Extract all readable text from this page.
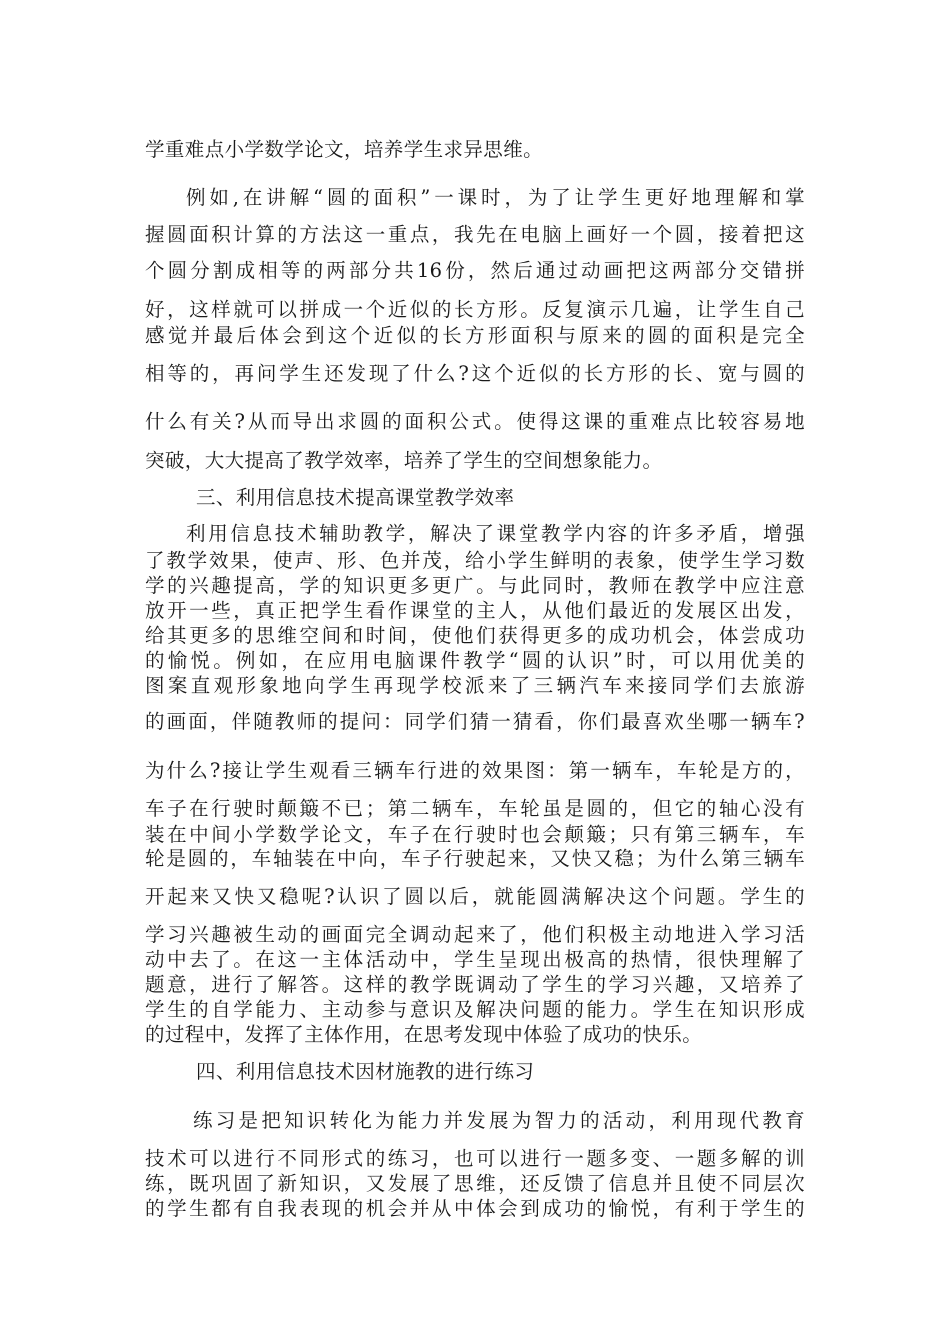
学重难点小学数学论文，培养学生求异思维。
例如,在讲解“圆的面积”一课时，为了让学生更好地理解和掌
握圆面积计算的方法这一重点，我先在电脑上画好一个圆，接着把这
个圆分割成相等的两部分共16份，然后通过动画把这两部分交错拼
好，这样就可以拼成一个近似的长方形。反复演示几遍，让学生自己
感觉并最后体会到这个近似的长方形面积与原来的圆的面积是完全
相等的，再问学生还发现了什么?这个近似的长方形的长、宽与圆的
什么有关?从而导出求圆的面积公式。使得这课的重难点比较容易地
突破，大大提高了教学效率，培养了学生的空间想象能力。
三、利用信息技术提高课堂教学效率
利用信息技术辅助教学，解决了课堂教学内容的许多矛盾，增强
了教学效果，使声、形、色并茂，给小学生鲜明的表象，使学生学习数
学的兴趣提高，学的知识更多更广。与此同时，教师在教学中应注意
放开一些，真正把学生看作课堂的主人，从他们最近的发展区出发，
给其更多的思维空间和时间，使他们获得更多的成功机会，体尝成功
的愉悦。例如，在应用电脑课件教学“圆的认识”时，可以用优美的
图案直观形象地向学生再现学校派来了三辆汽车来接同学们去旅游
的画面，伴随教师的提问：同学们猜一猜看，你们最喜欢坐哪一辆车?
为什么?接让学生观看三辆车行进的效果图：第一辆车，车轮是方的，
车子在行驶时颠簸不已；第二辆车，车轮虽是圆的，但它的轴心没有
装在中间小学数学论文，车子在行驶时也会颠簸；只有第三辆车，车
轮是圆的，车轴装在中向，车子行驶起来，又快又稳；为什么第三辆车
开起来又快又稳呢?认识了圆以后，就能圆满解决这个问题。学生的
学习兴趣被生动的画面完全调动起来了，他们积极主动地进入学习活
动中去了。在这一主体活动中，学生呈现出极高的热情，很快理解了
题意，进行了解答。这样的教学既调动了学生的学习兴趣，又培养了
学生的自学能力、主动参与意识及解决问题的能力。学生在知识形成
的过程中，发挥了主体作用，在思考发现中体验了成功的快乐。
四、利用信息技术因材施教的进行练习
练习是把知识转化为能力并发展为智力的活动，利用现代教育
技术可以进行不同形式的练习，也可以进行一题多变、一题多解的训
练，既巩固了新知识，又发展了思维，还反馈了信息并且使不同层次
的学生都有自我表现的机会并从中体会到成功的愉悦，有利于学生的
